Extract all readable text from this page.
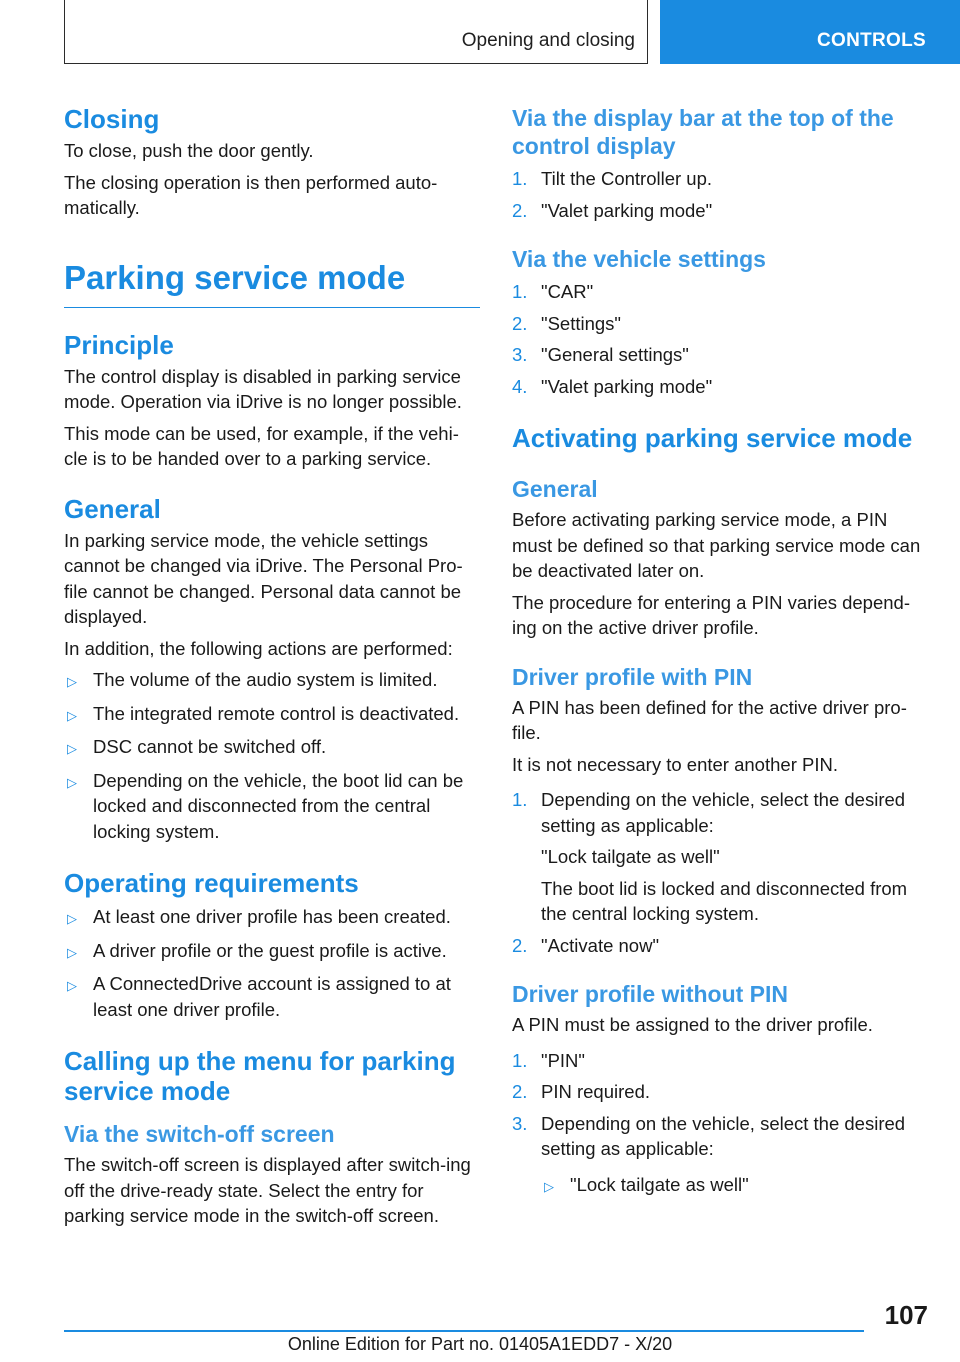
Opening and closing	CONTROLS
Closing

To close, push the door gently.

The closing operation is then performed auto‐matically.

Parking service mode
Principle

The control display is disabled in parking service mode. Operation via iDrive is no longer possible.

This mode can be used, for example, if the vehi‐cle is to be handed over to a parking service.

General

In parking service mode, the vehicle settings cannot be changed via iDrive. The Personal Pro‐file cannot be changed. Personal data cannot be displayed.

In addition, the following actions are performed:

▷ The volume of the audio system is limited.
▷ The integrated remote control is deactivated.
▷ DSC cannot be switched off.
▷ Depending on the vehicle, the boot lid can be locked and disconnected from the central locking system.
Operating requirements
▷ At least one driver profile has been created.
▷ A driver profile or the guest profile is active.
▷ A ConnectedDrive account is assigned to at least one driver profile.
Calling up the menu for parking service mode
Via the switch-off screen

The switch-off screen is displayed after switch‐ing off the drive-ready state. Select the entry for parking service mode in the switch-off screen.

Via the display bar at the top of the control display
1. Tilt the Controller up.
2. "Valet parking mode"
Via the vehicle settings
1. "CAR"
2. "Settings"
3. "General settings"
4. "Valet parking mode"
Activating parking service mode
General

Before activating parking service mode, a PIN must be defined so that parking service mode can be deactivated later on.

The procedure for entering a PIN varies depend‐ing on the active driver profile.

Driver profile with PIN

A PIN has been defined for the active driver pro‐file.

It is not necessary to enter another PIN.

1. Depending on the vehicle, select the desired setting as applicable:
"Lock tailgate as well"
The boot lid is locked and disconnected from the central locking system.
2. "Activate now"
Driver profile without PIN

A PIN must be assigned to the driver profile.

1. "PIN"
2. PIN required.
3. Depending on the vehicle, select the desired setting as applicable:
▷ "Lock tailgate as well"
107
Online Edition for Part no. 01405A1EDD7 - X/20
